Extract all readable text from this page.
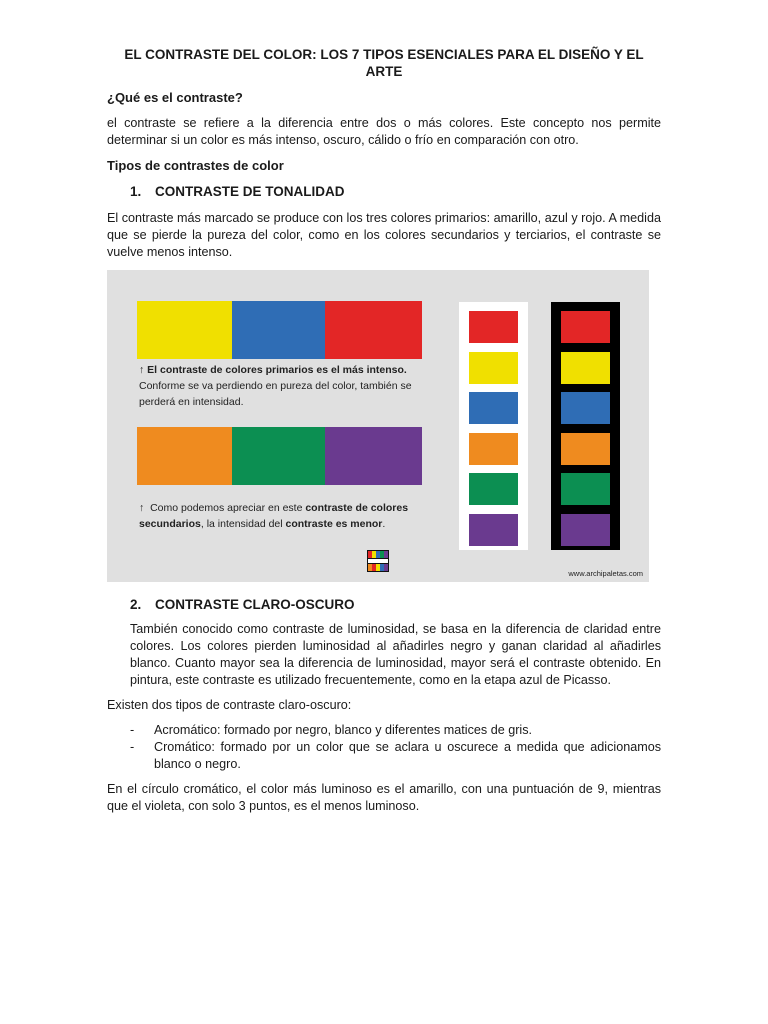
EL CONTRASTE DEL COLOR: LOS 7 TIPOS ESENCIALES PARA EL DISEÑO Y EL
ARTE
¿Qué es el contraste?
el contraste se refiere a la diferencia entre dos o más colores. Este concepto nos permite determinar si un color es más intenso, oscuro, cálido o frío en comparación con otro.
Tipos de contrastes de color
1. CONTRASTE DE TONALIDAD
El contraste más marcado se produce con los tres colores primarios: amarillo, azul y rojo. A medida que se pierde la pureza del color, como en los colores secundarios y terciarios, el contraste se vuelve menos intenso.
↑ El contraste de colores primarios es el más intenso. Conforme se va perdiendo en pureza del color, también se perderá en intensidad.
↑ Como podemos apreciar en este contraste de colores secundarios, la intensidad del contraste es menor.
www.archipaletas.com
2. CONTRASTE CLARO-OSCURO
También conocido como contraste de luminosidad, se basa en la diferencia de claridad entre colores. Los colores pierden luminosidad al añadirles negro y ganan claridad al añadirles blanco. Cuanto mayor sea la diferencia de luminosidad, mayor será el contraste obtenido. En pintura, este contraste es utilizado frecuentemente, como en la etapa azul de Picasso.
Existen dos tipos de contraste claro-oscuro:
- Acromático: formado por negro, blanco y diferentes matices de gris.
- Cromático: formado por un color que se aclara u oscurece a medida que adicionamos blanco o negro.
En el círculo cromático, el color más luminoso es el amarillo, con una puntuación de 9, mientras que el violeta, con solo 3 puntos, es el menos luminoso.
